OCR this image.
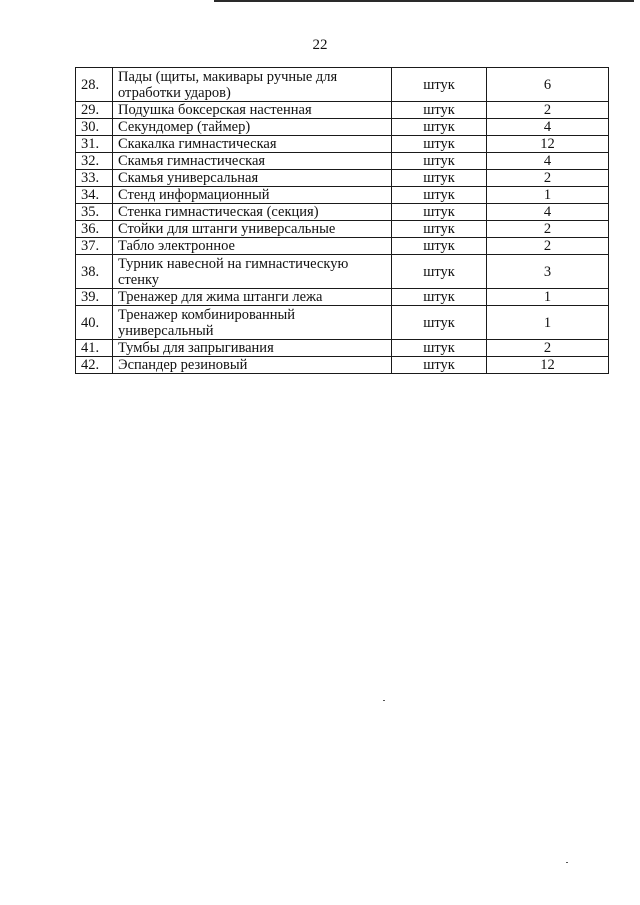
22
28.	Пады (щиты, макивары ручные для отработки ударов)	штук	6
29.	Подушка боксерская настенная	штук	2
30.	Секундомер (таймер)	штук	4
31.	Скакалка гимнастическая	штук	12
32.	Скамья гимнастическая	штук	4
33.	Скамья универсальная	штук	2
34.	Стенд информационный	штук	1
35.	Стенка гимнастическая (секция)	штук	4
36.	Стойки для штанги универсальные	штук	2
37.	Табло электронное	штук	2
38.	Турник навесной на гимнастическую стенку	штук	3
39.	Тренажер для жима штанги лежа	штук	1
40.	Тренажер комбинированный универсальный	штук	1
41.	Тумбы для запрыгивания	штук	2
42.	Эспандер резиновый	штук	12
